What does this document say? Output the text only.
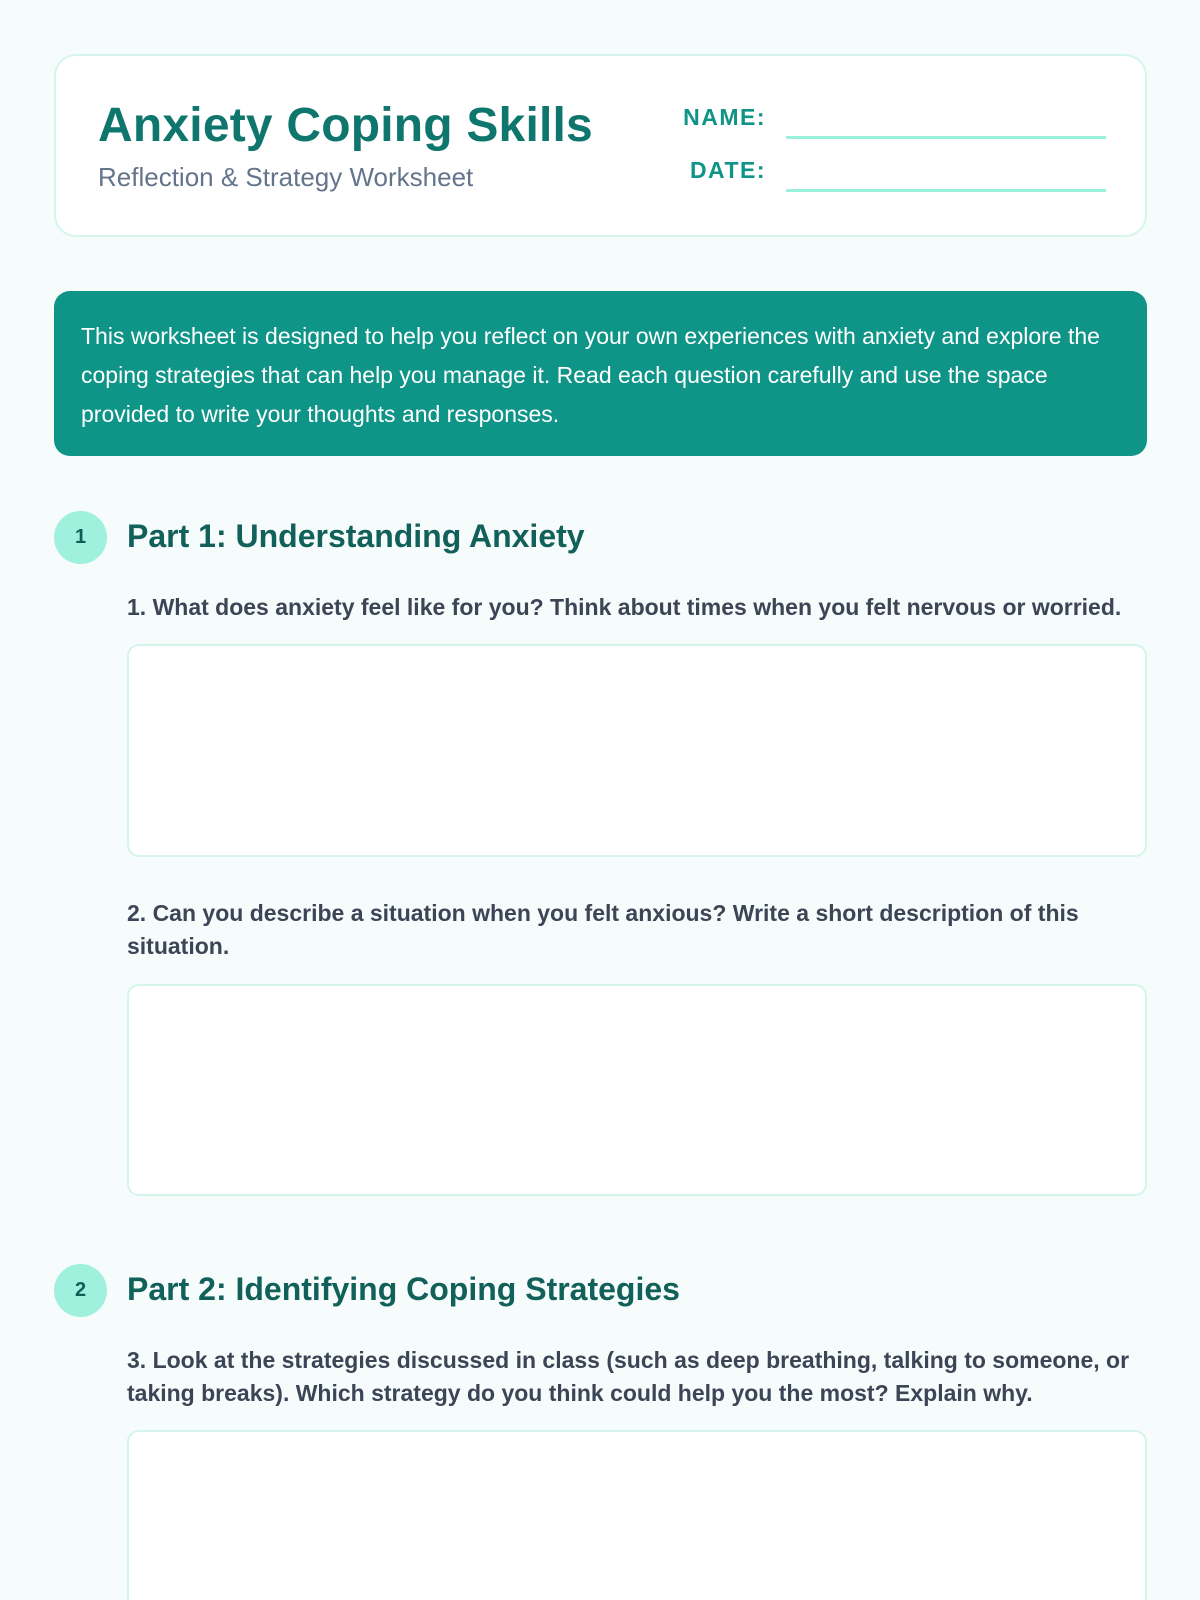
Anxiety Coping Skills
Reflection & Strategy Worksheet
NAME:
DATE:
This worksheet is designed to help you reflect on your own experiences with anxiety and explore the coping strategies that can help you manage it. Read each question carefully and use the space provided to write your thoughts and responses.
1	Part 1: Understanding Anxiety
1. What does anxiety feel like for you? Think about times when you felt nervous or worried.
2. Can you describe a situation when you felt anxious? Write a short description of this situation.
2	Part 2: Identifying Coping Strategies
3. Look at the strategies discussed in class (such as deep breathing, talking to someone, or taking breaks). Which strategy do you think could help you the most? Explain why.
